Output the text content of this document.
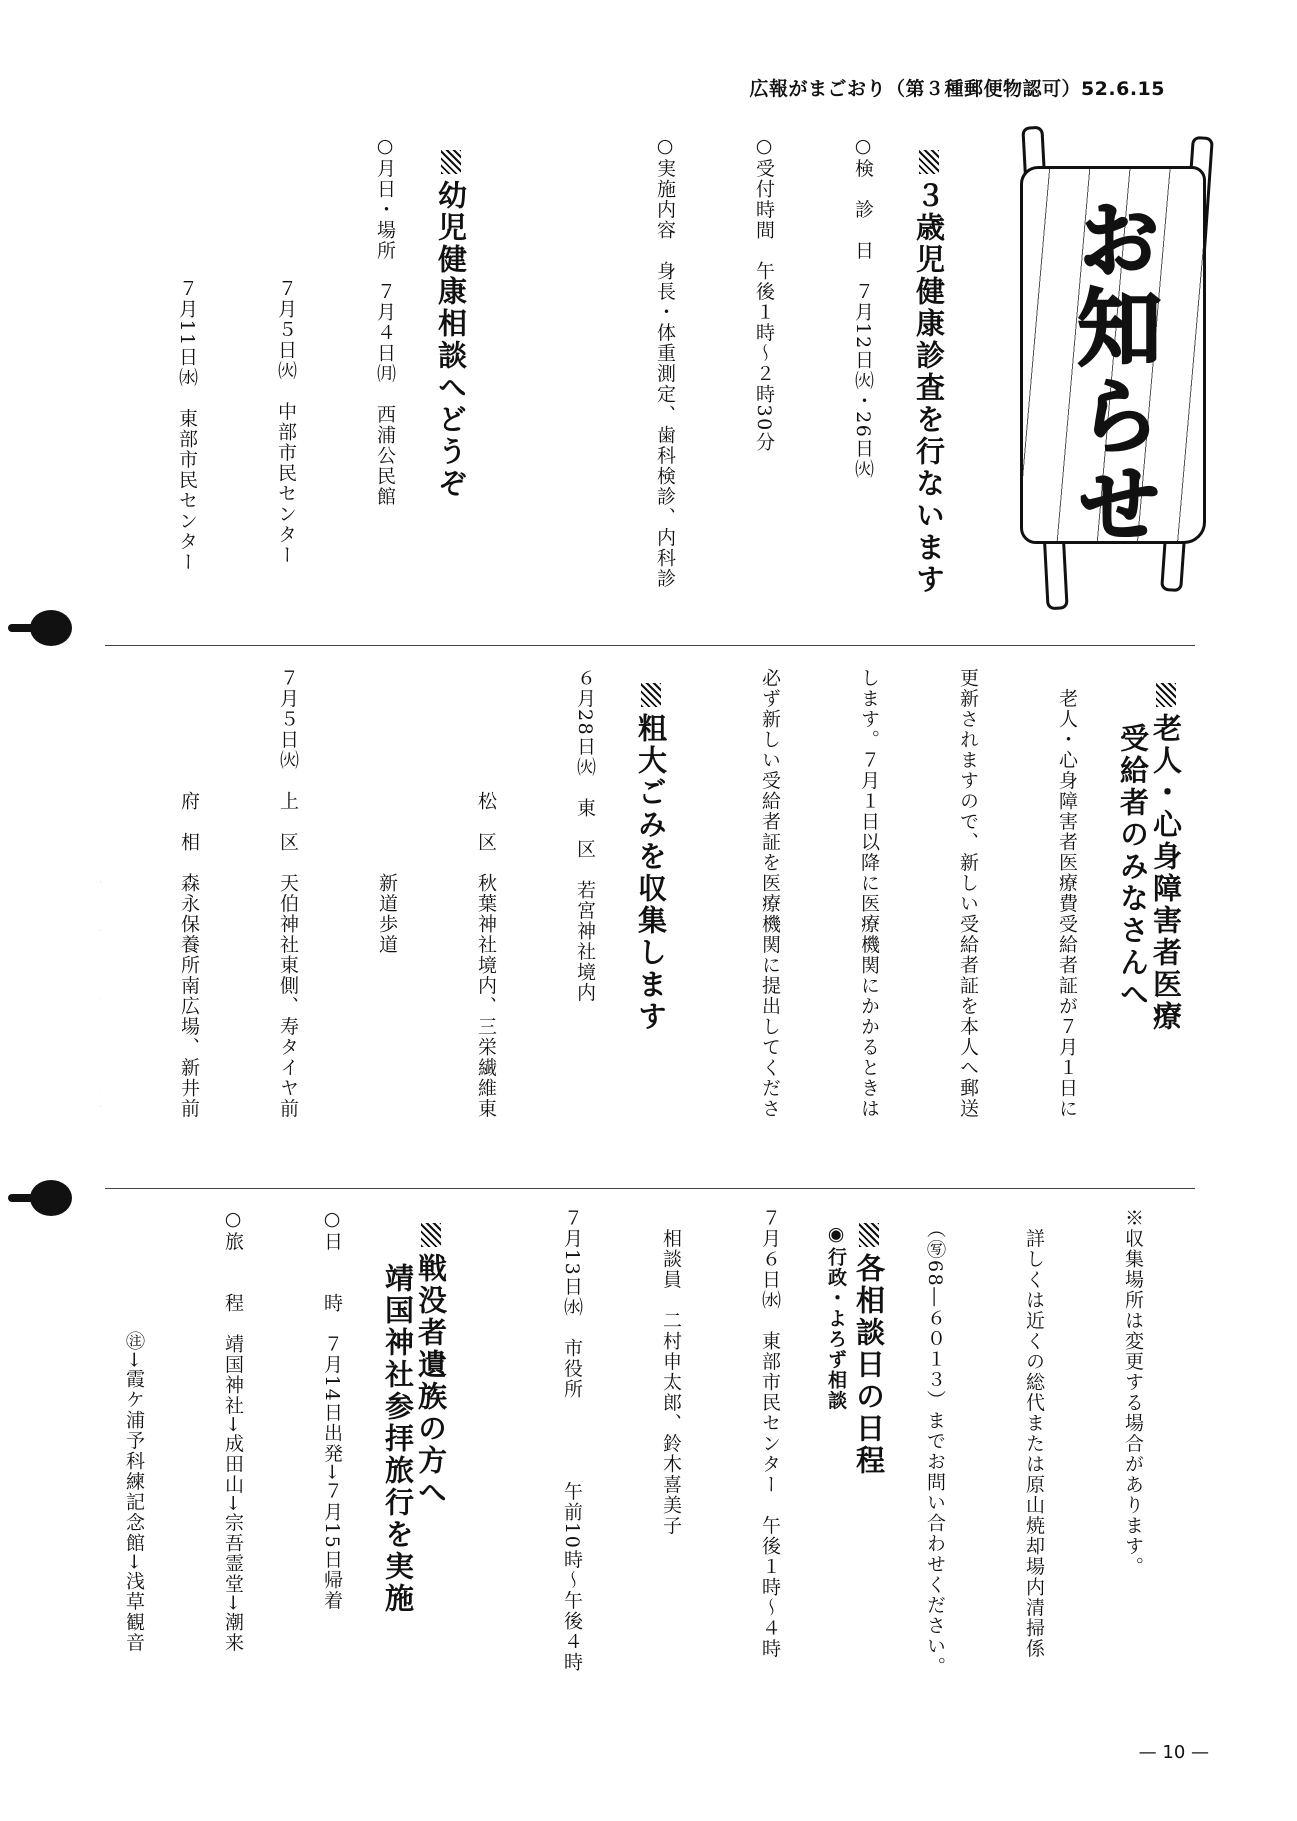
広報がまごおり（第３種郵便物認可）52.6.15
お知らせ

３歳児健康診査を行ないます

○検　診　日　７月12日㈫・26日㈫

○受付時間　午後１時～２時30分

○実施内容　身長・体重測定、歯科検診、内科診

幼児健康相談へどうぞ

○月日・場所　７月４日㈪　西浦公民館

　　　　　　　７月５日㈫　中部市民センター

　　　　　　　７月11日㈬　東部市民センター

老人・心身障害者医療
受給者のみなさんへ

　老人・心身障害者医療費受給者証が７月１日に

更新されますので、新しい受給者証を本人へ郵送

します。７月１日以降に医療機関にかかるときは

必ず新しい受給者証を医療機関に提出してくださ

粗大ごみを収集します

６月28日㈫　東　区　若宮神社境内

　　　　　　松　区　秋葉神社境内、三栄繊維東

　　　　　　　　　　新道歩道

７月５日㈫　上　区　天伯神社東側、寿タイヤ前

　　　　　　府　相　森永保養所南広場、新井前

※収集場所は変更する場合があります。

　詳しくは近くの総代または原山焼却場内清掃係

　（㊢68―６０１３）までお問い合わせください。

各相談日の日程
◉行政・よろず相談

７月６日㈬　東部市民センター　午後１時～４時

　相談員　二村申太郎、鈴木喜美子

７月13日㈬　市役所　　　　午前10時～午後４時

戦没者遺族の方へ
靖国神社参拝旅行を実施

○日　　時　７月14日出発→７月15日帰着

○旅　　程　靖国神社→成田山→宗吾霊堂→潮来

　　　　　　㊟→霞ケ浦予科練記念館→浅草観音

— 10 —
